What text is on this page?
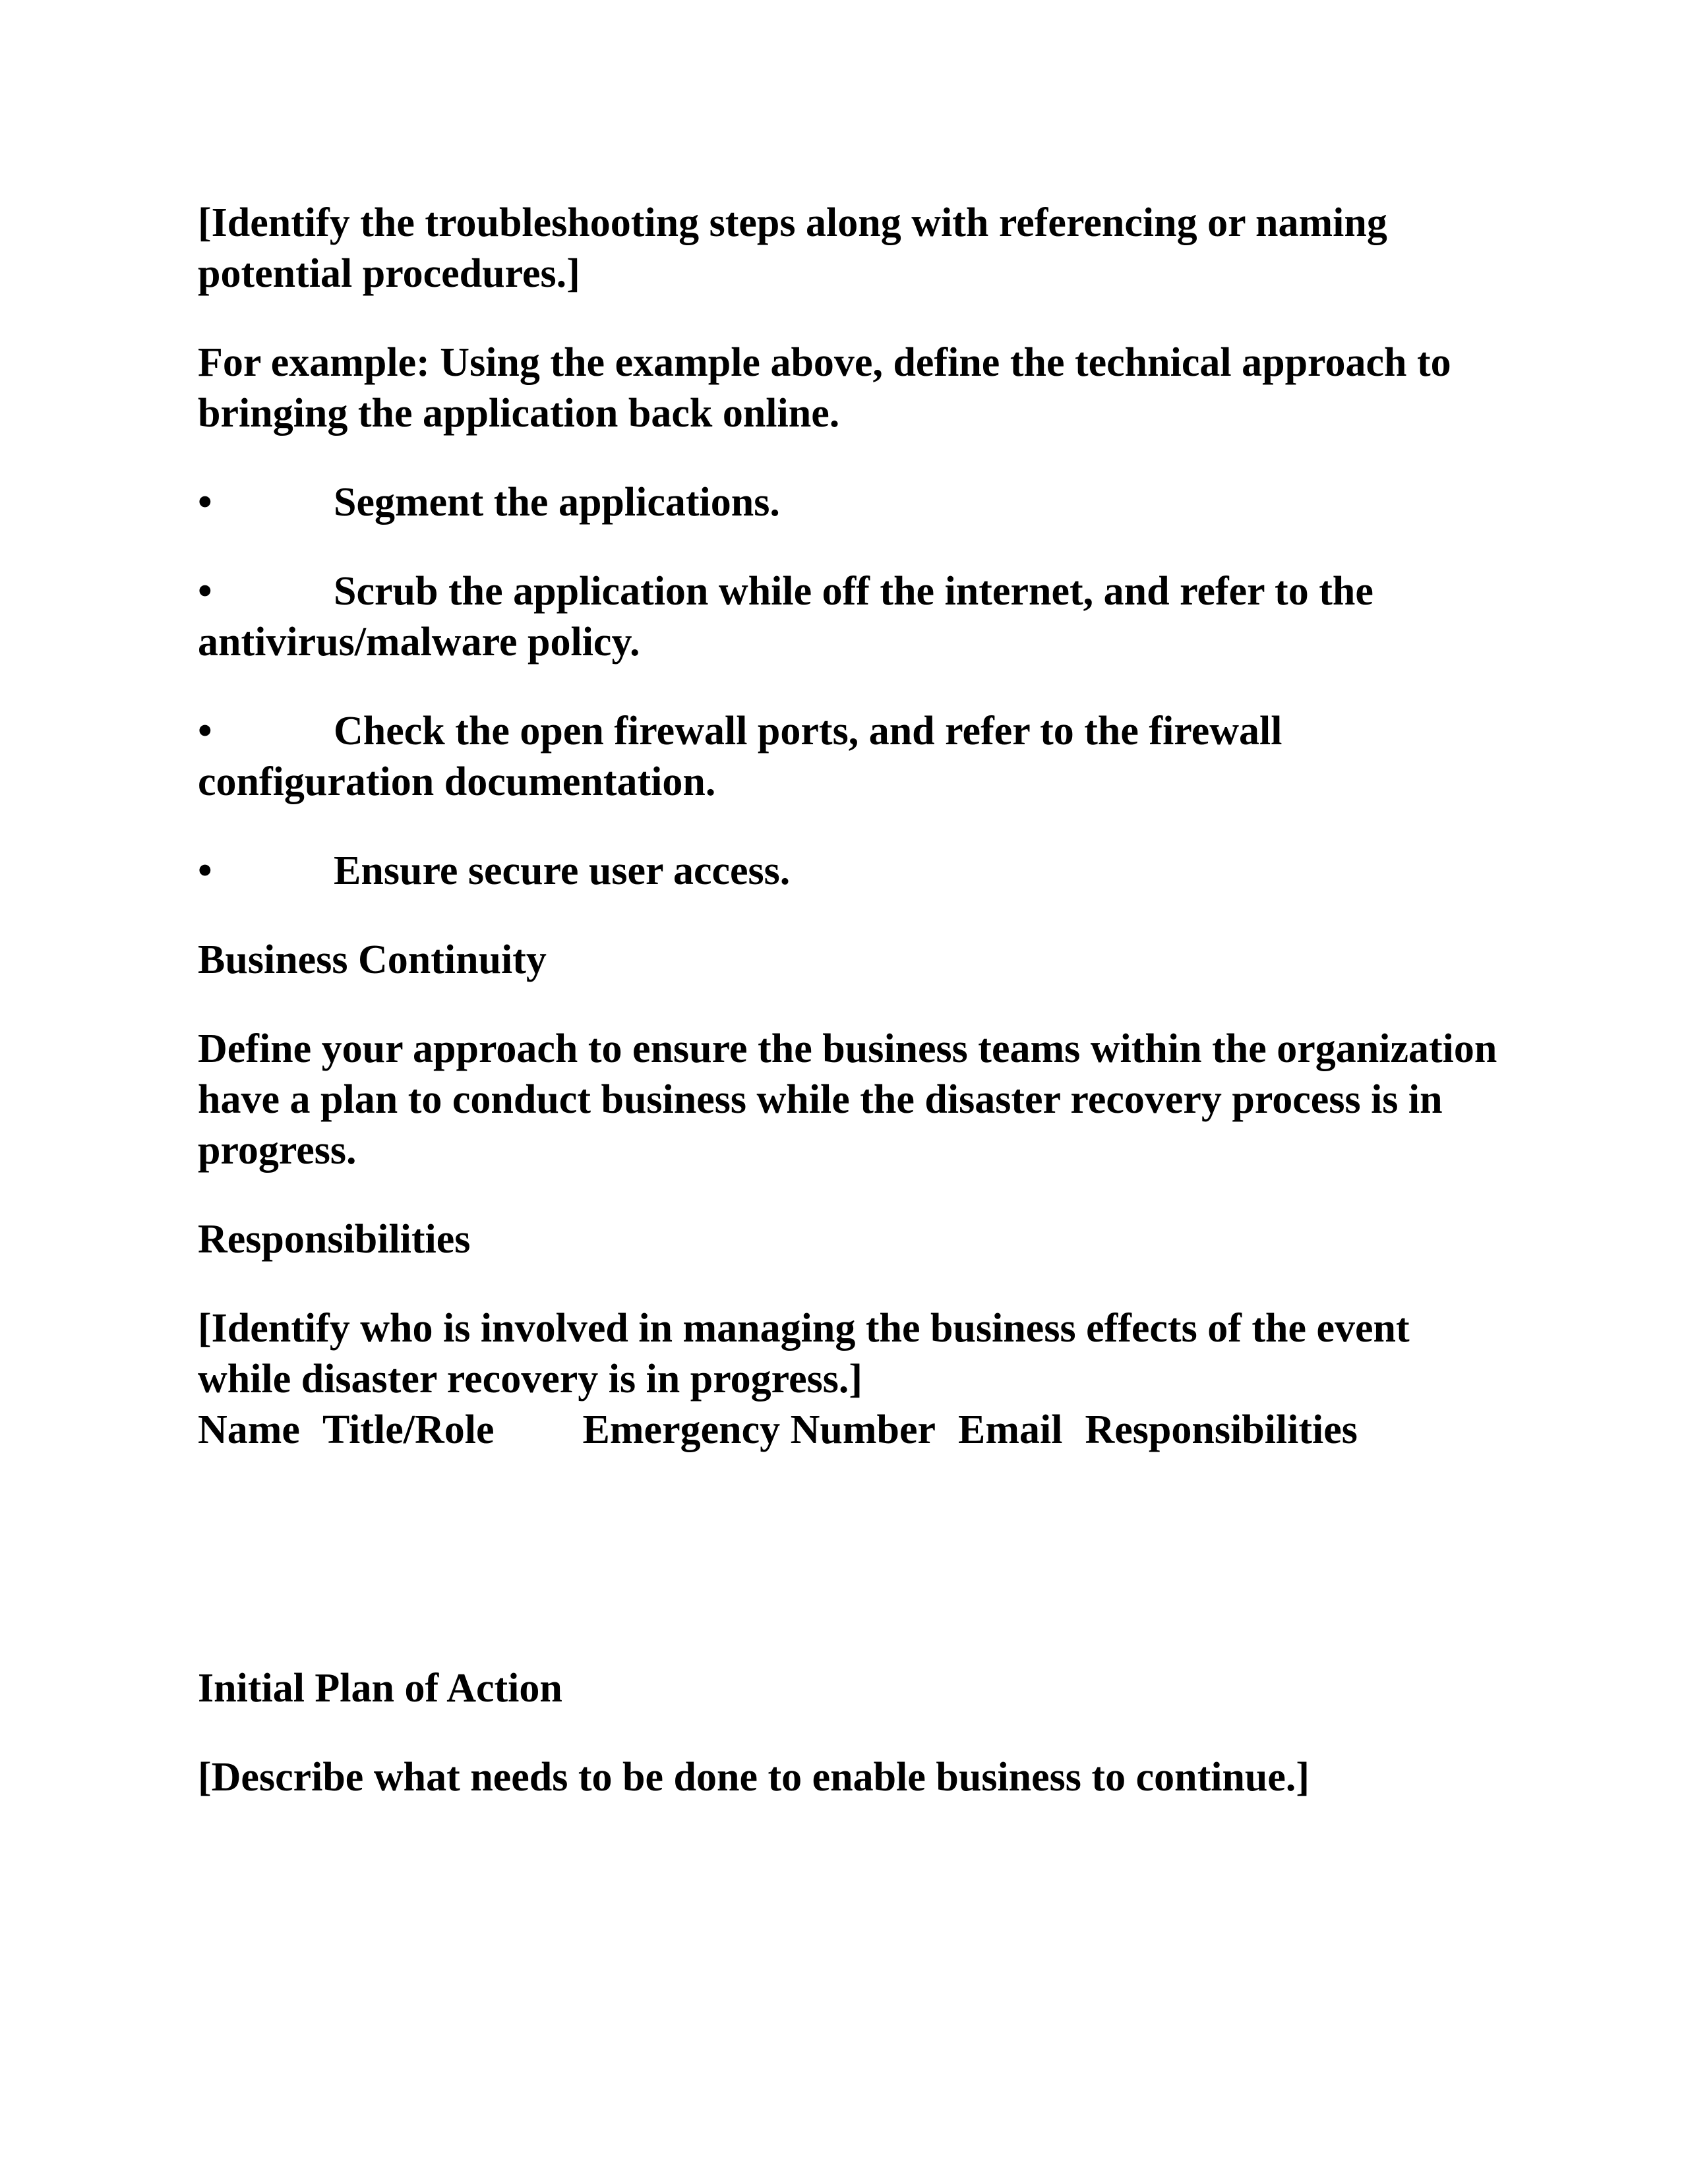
[Identify the troubleshooting steps along with referencing or naming potential procedures.]

For example: Using the example above, define the technical approach to bringing the application back online.

•	Segment the applications.

•	Scrub the application while off the internet, and refer to the antivirus/malware policy.

•	Check the open firewall ports, and refer to the firewall configuration documentation.

•	Ensure secure user access.

Business Continuity

Define your approach to ensure the business teams within the organization have a plan to conduct business while the disaster recovery process is in progress.

Responsibilities

[Identify who is involved in managing the business effects of the event while disaster recovery is in progress.]

Name Title/Role Emergency Number Email Responsibilities

Initial Plan of Action

[Describe what needs to be done to enable business to continue.]
